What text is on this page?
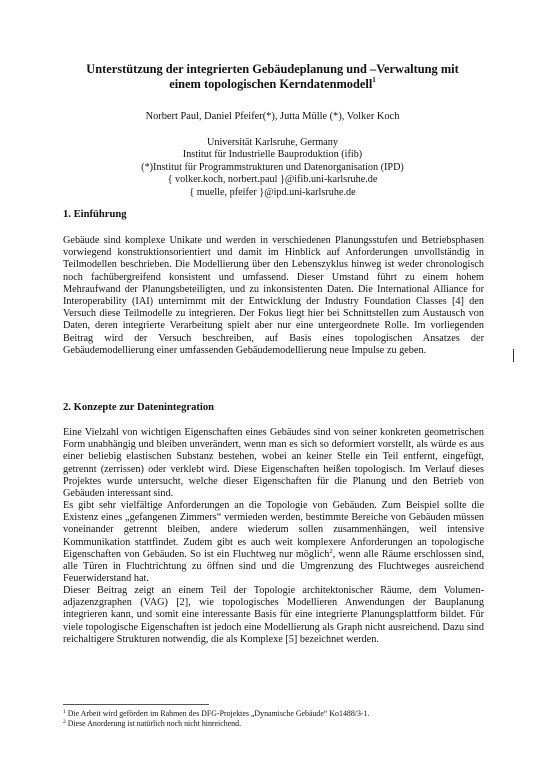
Unterstützung der integrierten Gebäudeplanung und –Verwaltung mit
einem topologischen Kerndatenmodell$^1$
Norbert Paul, Daniel Pfeifer(*), Jutta Mülle (*), Volker Koch
Universität Karlsruhe, Germany
Institut für Industrielle Bauproduktion (ifib)
(*)Institut für Programmstrukturen und Datenorganisation (IPD)
{ volker.koch, norbert.paul }@ifib.uni-karlsruhe.de
{ muelle, pfeifer }@ipd.uni-karlsruhe.de
1. Einführung

Gebäude sind komplexe Unikate und werden in verschiedenen Planungsstufen und Betriebsphasen vorwiegend konstruktionsorientiert und damit im Hinblick auf Anforderungen unvollständig in Teilmodellen beschrieben. Die Modellierung über den Lebenszyklus hinweg ist weder chronologisch noch fachübergreifend konsistent und umfassend. Dieser Umstand führt zu einem hohem Mehraufwand der Planungsbeteiligten, und zu inkonsistenten Daten. Die International Alliance for Interoperability (IAI) unternimmt mit der Entwicklung der Industry Foundation Classes [4] den Versuch diese Teilmodelle zu integrieren. Der Fokus liegt hier bei Schnittstellen zum Austausch von Daten, deren integrierte Verarbeitung spielt aber nur eine untergeordnete Rolle. Im vorliegenden Beitrag wird der Versuch beschreiben, auf Basis eines topologischen Ansatzes der Gebäudemodellierung einer umfassenden Gebäudemodellierung neue Impulse zu geben.

2. Konzepte zur Datenintegration

Eine Vielzahl von wichtigen Eigenschaften eines Gebäudes sind von seiner konkreten geometrischen Form unabhängig und bleiben unverändert, wenn man es sich so deformiert vorstellt, als würde es aus einer beliebig elastischen Substanz bestehen, wobei an keiner Stelle ein Teil entfernt, eingefügt, getrennt (zerrissen) oder verklebt wird. Diese Eigenschaften heißen topologisch. Im Verlauf dieses Projektes wurde untersucht, welche dieser Eigenschaften für die Planung und den Betrieb von Gebäuden interessant sind.

Es gibt sehr vielfältige Anforderungen an die Topologie von Gebäuden. Zum Beispiel sollte die Existenz eines „gefangenen Zimmers“ vermieden werden, bestimmte Bereiche von Gebäuden müssen voneinander getrennt bleiben, andere wiederum sollen zusammenhängen, weil intensive Kommunikation stattfindet. Zudem gibt es auch weit komplexere Anforderungen an topologische Eigenschaften von Gebäuden. So ist ein Fluchtweg nur möglich$^2$, wenn alle Räume erschlossen sind, alle Türen in Fluchtrichtung zu öffnen sind und die Umgrenzung des Fluchtweges ausreichend Feuerwiderstand hat.

Dieser Beitrag zeigt an einem Teil der Topologie architektonischer Räume, dem Volumen-adjazenzgraphen (VAG) [2], wie topologisches Modellieren Anwendungen der Bauplanung integrieren kann, und somit eine interessante Basis für eine integrierte Planungsplattform bildet. Für viele topologische Eigenschaften ist jedoch eine Modellierung als Graph nicht ausreichend. Dazu sind reichaltigere Strukturen notwendig, die als Komplexe [5] bezeichnet werden.

$^1$ Die Arbeit wird gefördert im Rahmen des DFG-Projektes „Dynamische Gebäude“ Ko1488/3-1.
$^2$ Diese Anorderung ist natürlich noch nicht hinreichend.
